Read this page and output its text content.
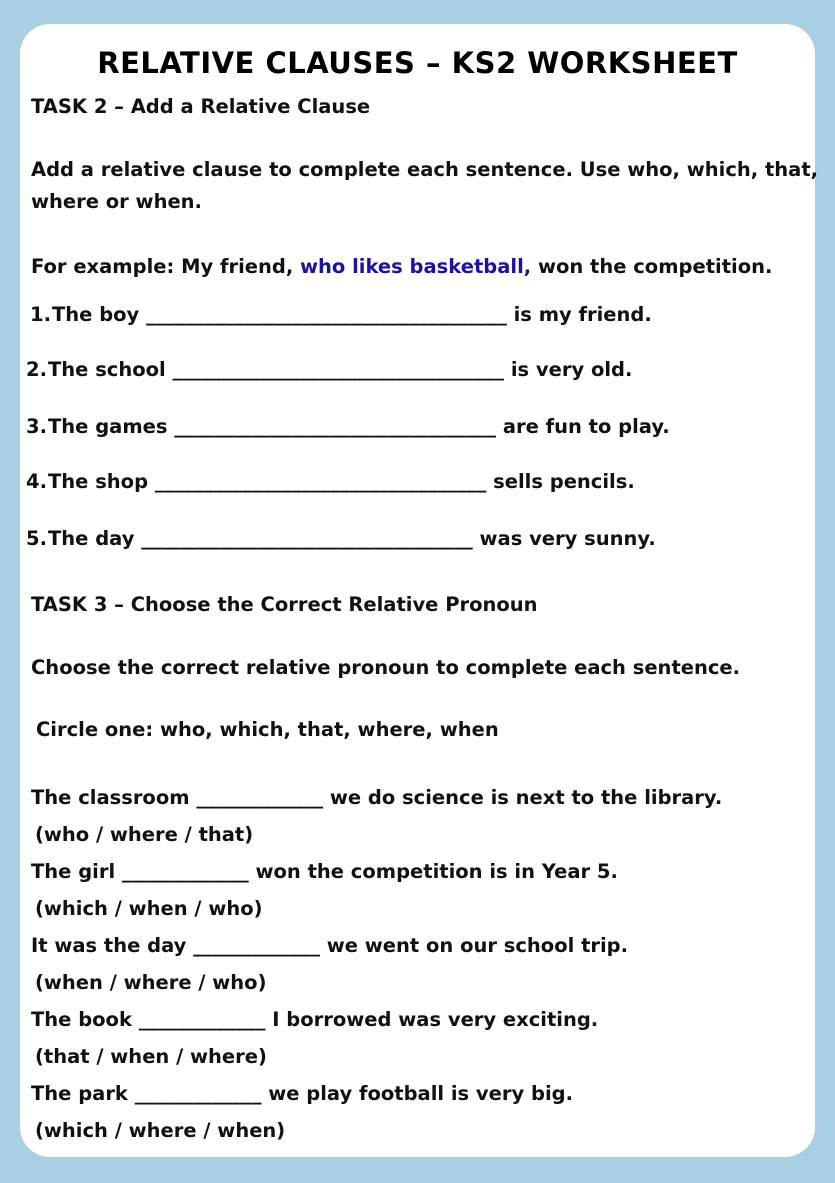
RELATIVE CLAUSES – KS2 WORKSHEET

TASK 2 – Add a Relative Clause

Add a relative clause to complete each sentence. Use who, which, that,

where or when.

For example: My friend, who likes basketball, won the competition.

1.The boy _____________________________________ is my friend.

2.The school __________________________________ is very old.

3.The games _________________________________ are fun to play.

4.The shop __________________________________ sells pencils.

5.The day __________________________________ was very sunny.

TASK 3 – Choose the Correct Relative Pronoun

Choose the correct relative pronoun to complete each sentence.

Circle one: who, which, that, where, when

The classroom _____________ we do science is next to the library.

(who / where / that)

The girl _____________ won the competition is in Year 5.

(which / when / who)

It was the day _____________ we went on our school trip.

(when / where / who)

The book _____________ I borrowed was very exciting.

(that / when / where)

The park _____________ we play football is very big.

(which / where / when)
